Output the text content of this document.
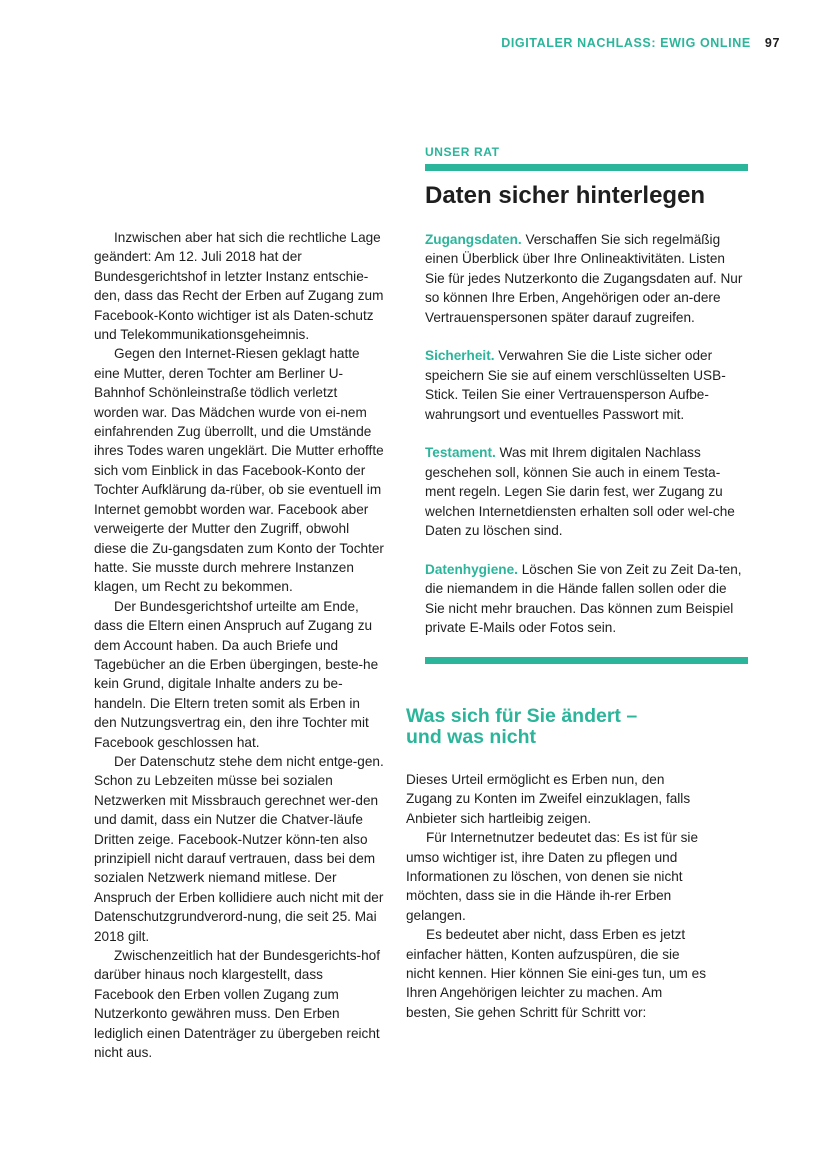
DIGITALER NACHLASS: EWIG ONLINE 97

Inzwischen aber hat sich die rechtliche Lage geändert: Am 12. Juli 2018 hat der Bundesgerichtshof in letzter Instanz entschie-den, dass das Recht der Erben auf Zugang zum Facebook-Konto wichtiger ist als Daten-schutz und Telekommunikationsgeheimnis.

Gegen den Internet-Riesen geklagt hatte eine Mutter, deren Tochter am Berliner U-Bahnhof Schönleinstraße tödlich verletzt worden war. Das Mädchen wurde von ei-nem einfahrenden Zug überrollt, und die Umstände ihres Todes waren ungeklärt. Die Mutter erhoffte sich vom Einblick in das Facebook-Konto der Tochter Aufklärung da-rüber, ob sie eventuell im Internet gemobbt worden war. Facebook aber verweigerte der Mutter den Zugriff, obwohl diese die Zu-gangsdaten zum Konto der Tochter hatte. Sie musste durch mehrere Instanzen klagen, um Recht zu bekommen.

Der Bundesgerichtshof urteilte am Ende, dass die Eltern einen Anspruch auf Zugang zu dem Account haben. Da auch Briefe und Tagebücher an die Erben übergingen, beste-he kein Grund, digitale Inhalte anders zu be-handeln. Die Eltern treten somit als Erben in den Nutzungsvertrag ein, den ihre Tochter mit Facebook geschlossen hat.

Der Datenschutz stehe dem nicht entge-gen. Schon zu Lebzeiten müsse bei sozialen Netzwerken mit Missbrauch gerechnet wer-den und damit, dass ein Nutzer die Chatver-läufe Dritten zeige. Facebook-Nutzer könn-ten also prinzipiell nicht darauf vertrauen, dass bei dem sozialen Netzwerk niemand mitlese. Der Anspruch der Erben kollidiere auch nicht mit der Datenschutzgrundverord-nung, die seit 25. Mai 2018 gilt.

Zwischenzeitlich hat der Bundesgerichts-hof darüber hinaus noch klargestellt, dass Facebook den Erben vollen Zugang zum Nutzerkonto gewähren muss. Den Erben lediglich einen Datenträger zu übergeben reicht nicht aus.

UNSER RAT
Daten sicher hinterlegen

Zugangsdaten. Verschaffen Sie sich regelmäßig einen Überblick über Ihre Onlineaktivitäten. Listen Sie für jedes Nutzerkonto die Zugangsdaten auf. Nur so können Ihre Erben, Angehörigen oder an-dere Vertrauenspersonen später darauf zugreifen.

Sicherheit. Verwahren Sie die Liste sicher oder speichern Sie sie auf einem verschlüsselten USB-Stick. Teilen Sie einer Vertrauensperson Aufbe-wahrungsort und eventuelles Passwort mit.

Testament. Was mit Ihrem digitalen Nachlass geschehen soll, können Sie auch in einem Testa-ment regeln. Legen Sie darin fest, wer Zugang zu welchen Internetdiensten erhalten soll oder wel-che Daten zu löschen sind.

Datenhygiene. Löschen Sie von Zeit zu Zeit Da-ten, die niemandem in die Hände fallen sollen oder die Sie nicht mehr brauchen. Das können zum Beispiel private E-Mails oder Fotos sein.

Was sich für Sie ändert –
und was nicht

Dieses Urteil ermöglicht es Erben nun, den Zugang zu Konten im Zweifel einzuklagen, falls Anbieter sich hartleibig zeigen.

Für Internetnutzer bedeutet das: Es ist für sie umso wichtiger ist, ihre Daten zu pflegen und Informationen zu löschen, von denen sie nicht möchten, dass sie in die Hände ih-rer Erben gelangen.

Es bedeutet aber nicht, dass Erben es jetzt einfacher hätten, Konten aufzuspüren, die sie nicht kennen. Hier können Sie eini-ges tun, um es Ihren Angehörigen leichter zu machen. Am besten, Sie gehen Schritt für Schritt vor:
